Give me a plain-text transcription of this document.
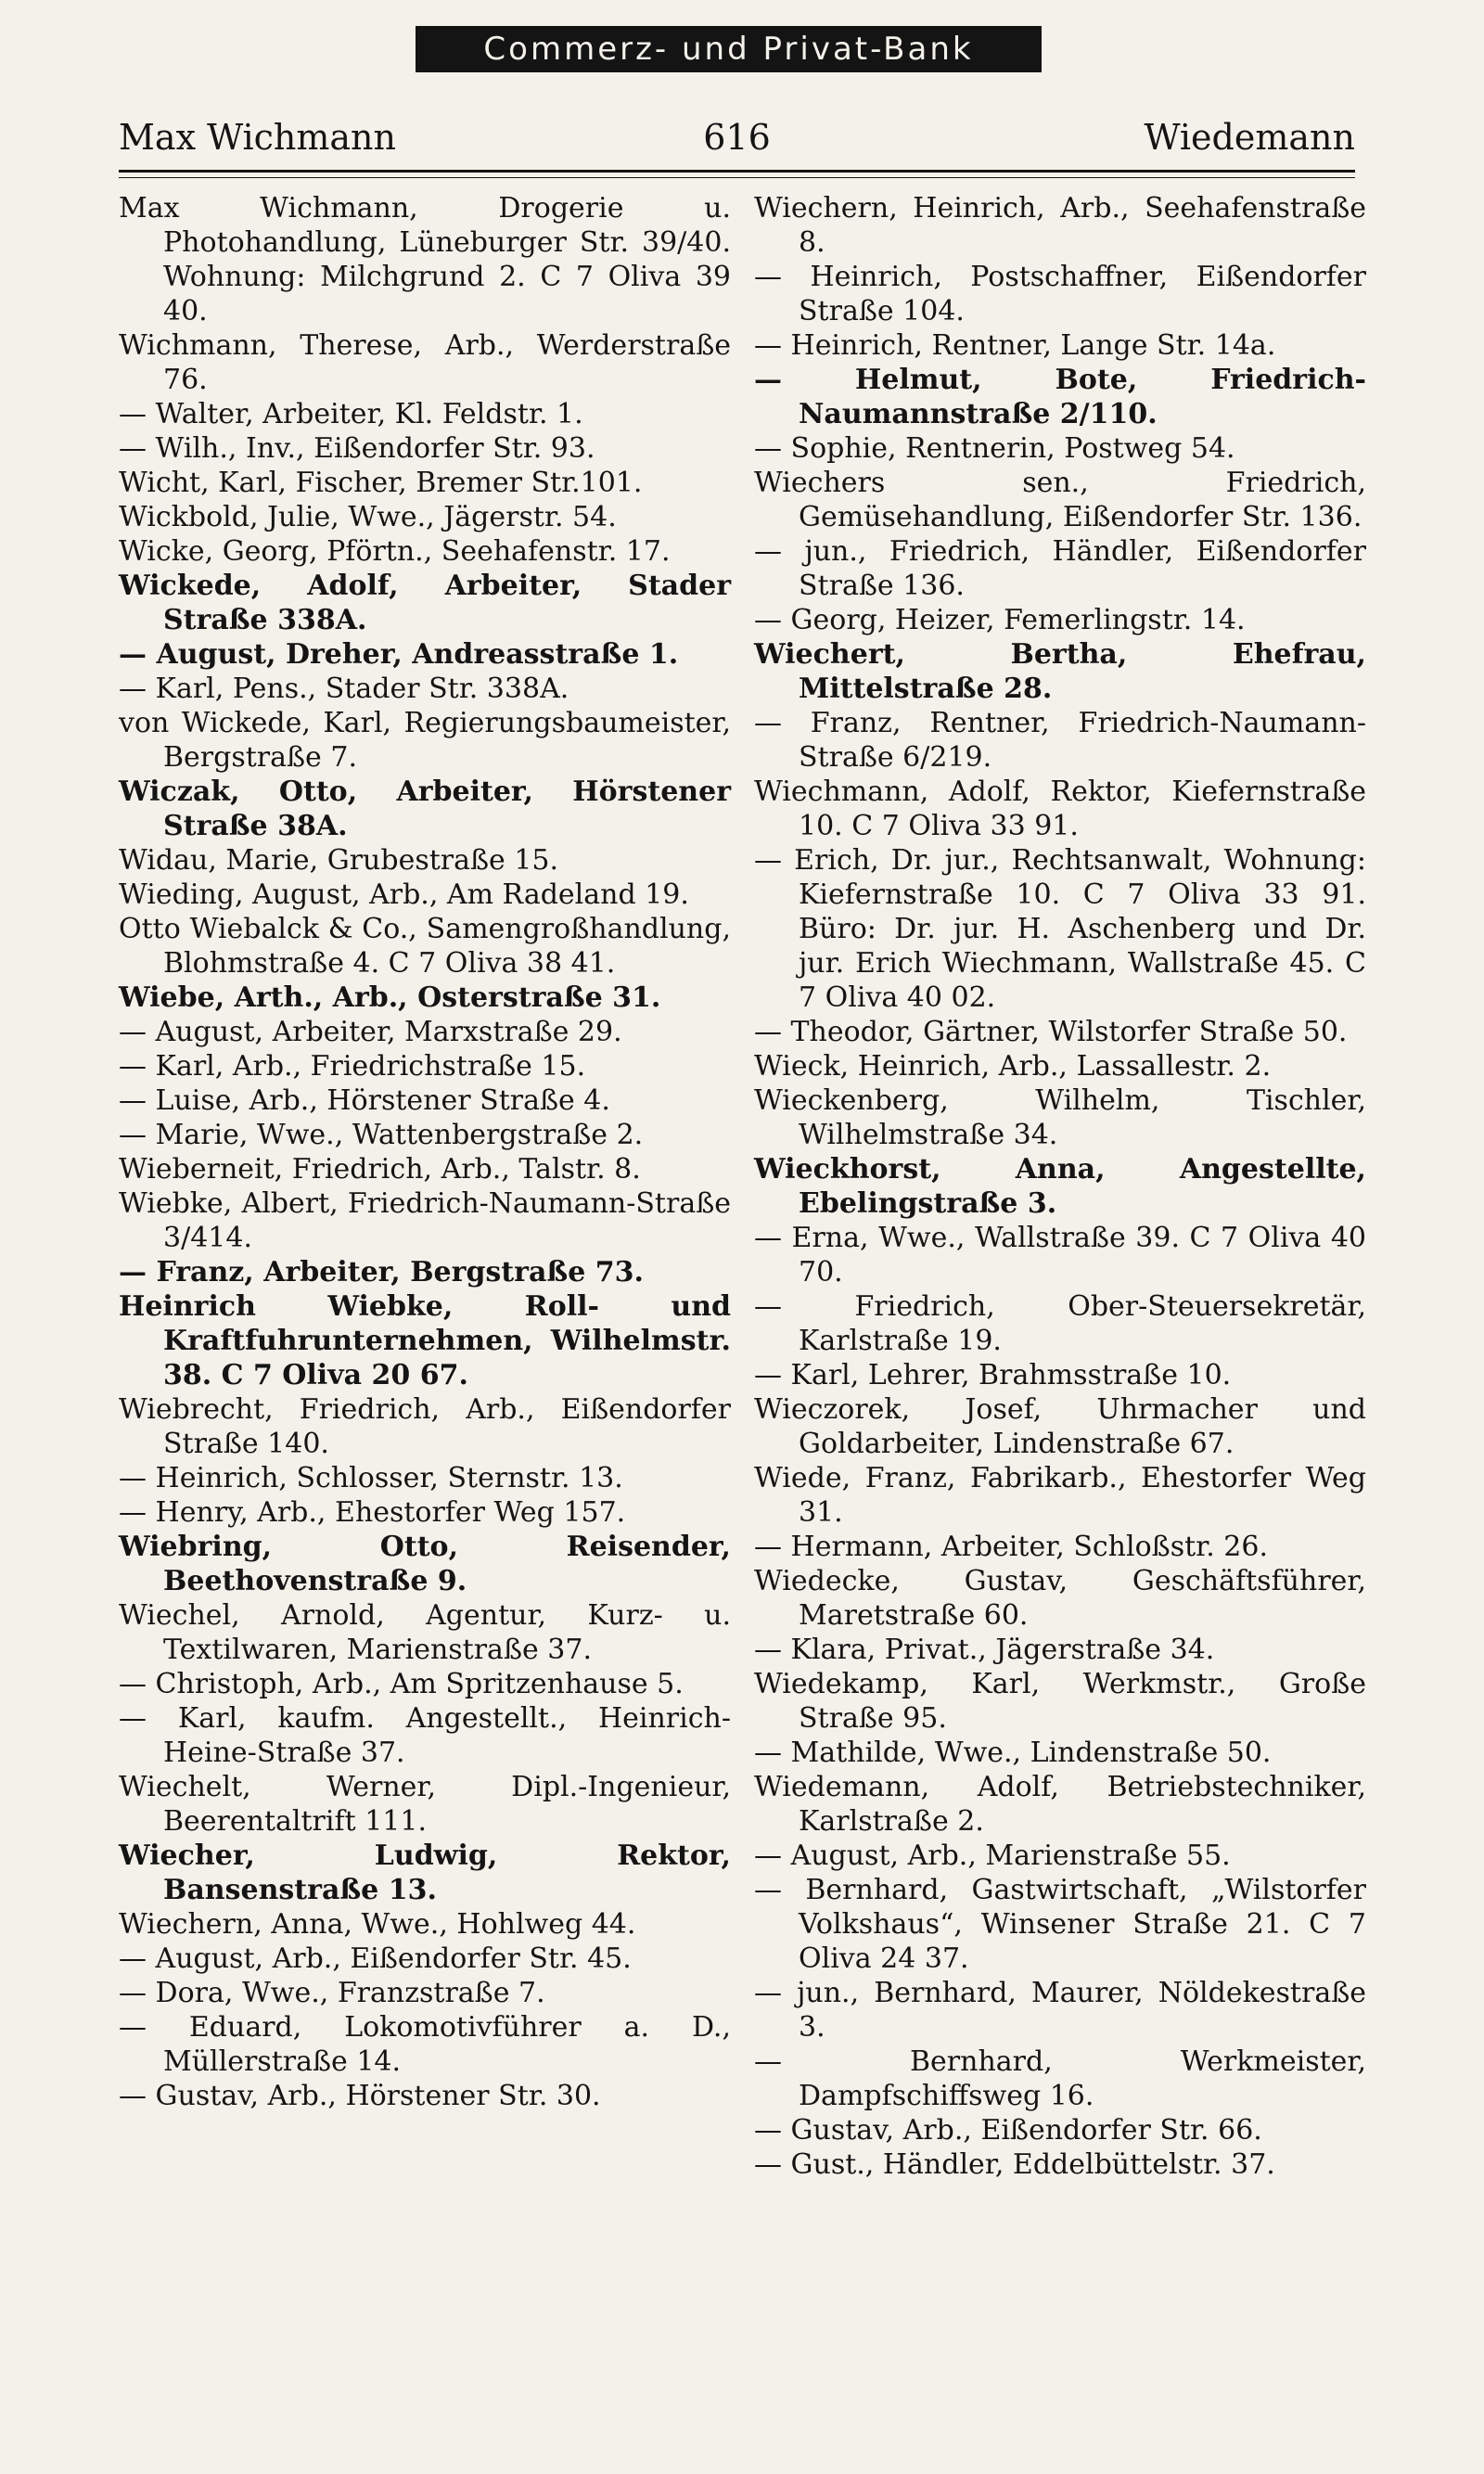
Commerz- und Privat-Bank
Max Wichmann	616	Wiedemann

Max Wichmann, Drogerie u. Photohandlung, Lüneburger Str. 39/40. Wohnung: Milchgrund 2. C 7 Oliva 39 40.

Wichmann, Therese, Arb., Werderstraße 76.

— Walter, Arbeiter, Kl. Feldstr. 1.

— Wilh., Inv., Eißendorfer Str. 93.

Wicht, Karl, Fischer, Bremer Str.101.

Wickbold, Julie, Wwe., Jägerstr. 54.

Wicke, Georg, Pförtn., Seehafenstr. 17.

Wickede, Adolf, Arbeiter, Stader Straße 338A.

— August, Dreher, Andreasstraße 1.

— Karl, Pens., Stader Str. 338A.

von Wickede, Karl, Regierungsbaumeister, Bergstraße 7.

Wiczak, Otto, Arbeiter, Hörstener Straße 38A.

Widau, Marie, Grubestraße 15.

Wieding, August, Arb., Am Radeland 19.

Otto Wiebalck & Co., Samengroßhandlung, Blohmstraße 4. C 7 Oliva 38 41.

Wiebe, Arth., Arb., Osterstraße 31.

— August, Arbeiter, Marxstraße 29.

— Karl, Arb., Friedrichstraße 15.

— Luise, Arb., Hörstener Straße 4.

— Marie, Wwe., Wattenbergstraße 2.

Wieberneit, Friedrich, Arb., Talstr. 8.

Wiebke, Albert, Friedrich-Naumann-Straße 3/414.

— Franz, Arbeiter, Bergstraße 73.

Heinrich Wiebke, Roll- und Kraftfuhrunternehmen, Wilhelmstr. 38. C 7 Oliva 20 67.

Wiebrecht, Friedrich, Arb., Eißendorfer Straße 140.

— Heinrich, Schlosser, Sternstr. 13.

— Henry, Arb., Ehestorfer Weg 157.

Wiebring, Otto, Reisender, Beethovenstraße 9.

Wiechel, Arnold, Agentur, Kurz- u. Textilwaren, Marienstraße 37.

— Christoph, Arb., Am Spritzenhause 5.

— Karl, kaufm. Angestellt., Heinrich-Heine-Straße 37.

Wiechelt, Werner, Dipl.-Ingenieur, Beerentaltrift 111.

Wiecher, Ludwig, Rektor, Bansenstraße 13.

Wiechern, Anna, Wwe., Hohlweg 44.

— August, Arb., Eißendorfer Str. 45.

— Dora, Wwe., Franzstraße 7.

— Eduard, Lokomotivführer a. D., Müllerstraße 14.

— Gustav, Arb., Hörstener Str. 30.

Wiechern, Heinrich, Arb., Seehafenstraße 8.

— Heinrich, Postschaffner, Eißendorfer Straße 104.

— Heinrich, Rentner, Lange Str. 14a.

— Helmut, Bote, Friedrich-Naumannstraße 2/110.

— Sophie, Rentnerin, Postweg 54.

Wiechers sen., Friedrich, Gemüsehandlung, Eißendorfer Str. 136.

— jun., Friedrich, Händler, Eißendorfer Straße 136.

— Georg, Heizer, Femerlingstr. 14.

Wiechert, Bertha, Ehefrau, Mittelstraße 28.

— Franz, Rentner, Friedrich-Naumann-Straße 6/219.

Wiechmann, Adolf, Rektor, Kiefernstraße 10. C 7 Oliva 33 91.

— Erich, Dr. jur., Rechtsanwalt, Wohnung: Kiefernstraße 10. C 7 Oliva 33 91. Büro: Dr. jur. H. Aschenberg und Dr. jur. Erich Wiechmann, Wallstraße 45. C 7 Oliva 40 02.

— Theodor, Gärtner, Wilstorfer Straße 50.

Wieck, Heinrich, Arb., Lassallestr. 2.

Wieckenberg, Wilhelm, Tischler, Wilhelmstraße 34.

Wieckhorst, Anna, Angestellte, Ebelingstraße 3.

— Erna, Wwe., Wallstraße 39. C 7 Oliva 40 70.

— Friedrich, Ober-Steuersekretär, Karlstraße 19.

— Karl, Lehrer, Brahmsstraße 10.

Wieczorek, Josef, Uhrmacher und Goldarbeiter, Lindenstraße 67.

Wiede, Franz, Fabrikarb., Ehestorfer Weg 31.

— Hermann, Arbeiter, Schloßstr. 26.

Wiedecke, Gustav, Geschäftsführer, Maretstraße 60.

— Klara, Privat., Jägerstraße 34.

Wiedekamp, Karl, Werkmstr., Große Straße 95.

— Mathilde, Wwe., Lindenstraße 50.

Wiedemann, Adolf, Betriebstechniker, Karlstraße 2.

— August, Arb., Marienstraße 55.

— Bernhard, Gastwirtschaft, „Wilstorfer Volkshaus“, Winsener Straße 21. C 7 Oliva 24 37.

— jun., Bernhard, Maurer, Nöldekestraße 3.

— Bernhard, Werkmeister, Dampfschiffsweg 16.

— Gustav, Arb., Eißendorfer Str. 66.

— Gust., Händler, Eddelbüttelstr. 37.
